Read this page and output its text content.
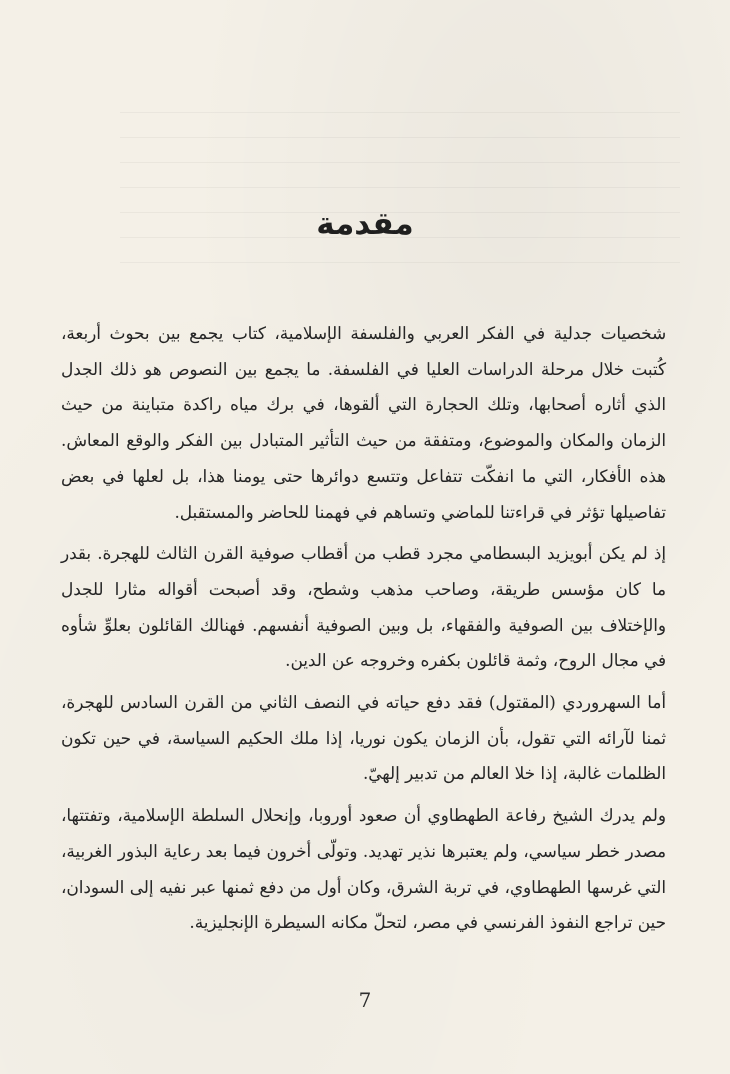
مقدمة

شخصيات جدلية في الفكر العربي والفلسفة الإسلامية، كتاب يجمع بين بحوث أربعة، كُتبت خلال مرحلة الدراسات العليا في الفلسفة. ما يجمع بين النصوص هو ذلك الجدل الذي أثاره أصحابها، وتلك الحجارة التي ألقوها، في برك مياه راكدة متباينة من حيث الزمان والمكان والموضوع، ومتفقة من حيث التأثير المتبادل بين الفكر والوقع المعاش. هذه الأفكار، التي ما انفكّت تتفاعل وتتسع دوائرها حتى يومنا هذا، بل لعلها في بعض تفاصيلها تؤثر في قراءتنا للماضي وتساهم في فهمنا للحاضر والمستقبل.

إذ لم يكن أبويزيد البسطامي مجرد قطب من أقطاب صوفية القرن الثالث للهجرة. بقدر ما كان مؤسس طريقة، وصاحب مذهب وشطح، وقد أصبحت أقواله مثارا للجدل والإختلاف بين الصوفية والفقهاء، بل وبين الصوفية أنفسهم. فهنالك القائلون بعلوِّ شأوه في مجال الروح، وثمة قائلون بكفره وخروجه عن الدين.

أما السهروردي (المقتول) فقد دفع حياته في النصف الثاني من القرن السادس للهجرة، ثمنا لآرائه التي تقول، بأن الزمان يكون نوريا، إذا ملك الحكيم السياسة، في حين تكون الظلمات غالبة، إذا خلا العالم من تدبير إلهيّ.

ولم يدرك الشيخ رفاعة الطهطاوي أن صعود أوروبا، وإنحلال السلطة الإسلامية، وتفتتها، مصدر خطر سياسي، ولم يعتبرها نذير تهديد. وتولّى أخرون فيما بعد رعاية البذور الغربية، التي غرسها الطهطاوي، في تربة الشرق، وكان أول من دفع ثمنها عبر نفيه إلى السودان، حين تراجع النفوذ الفرنسي في مصر، لتحلّ مكانه السيطرة الإنجليزية.

7
